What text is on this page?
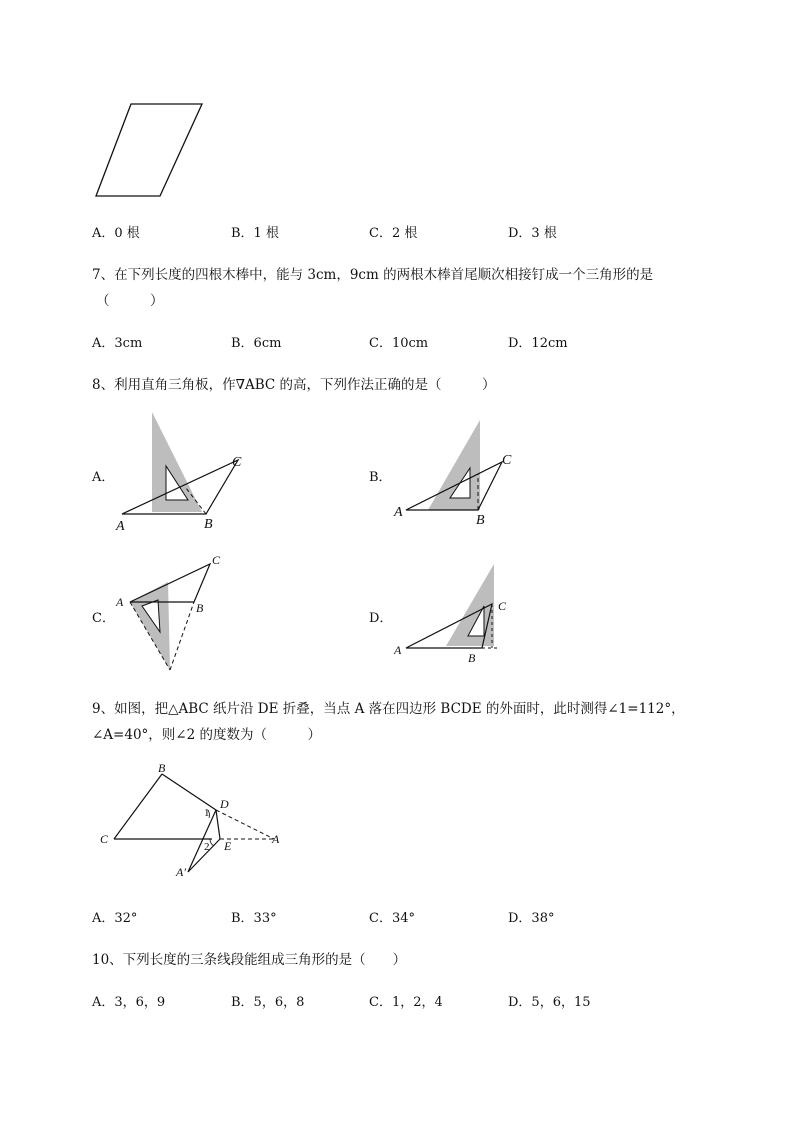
A．0 根	B．1 根	C．2 根	D．3 根
7、在下列长度的四根木棒中，能与 3cm，9cm 的两根木棒首尾顺次相接钉成一个三角形的是
（　　　）
A．3cm	B．6cm	C．10cm	D．12cm
8、利用直角三角板，作∇ABC 的高，下列作法正确的是（　　　）
A．
A	B
C
B．
A
B
C
C．
A	B
C
D．
A
B
C
9、如图，把△ABC 纸片沿 DE 折叠，当点 A 落在四边形 BCDE 的外面时，此时测得∠1=112°，
∠A=40°，则∠2 的度数为（　　　）
B
C
D
A
E
A′
1
2
A．32°	B．33°	C．34°	D．38°
10、下列长度的三条线段能组成三角形的是（　　）
A．3，6，9	B．5，6，8	C．1，2，4	D．5，6，15
